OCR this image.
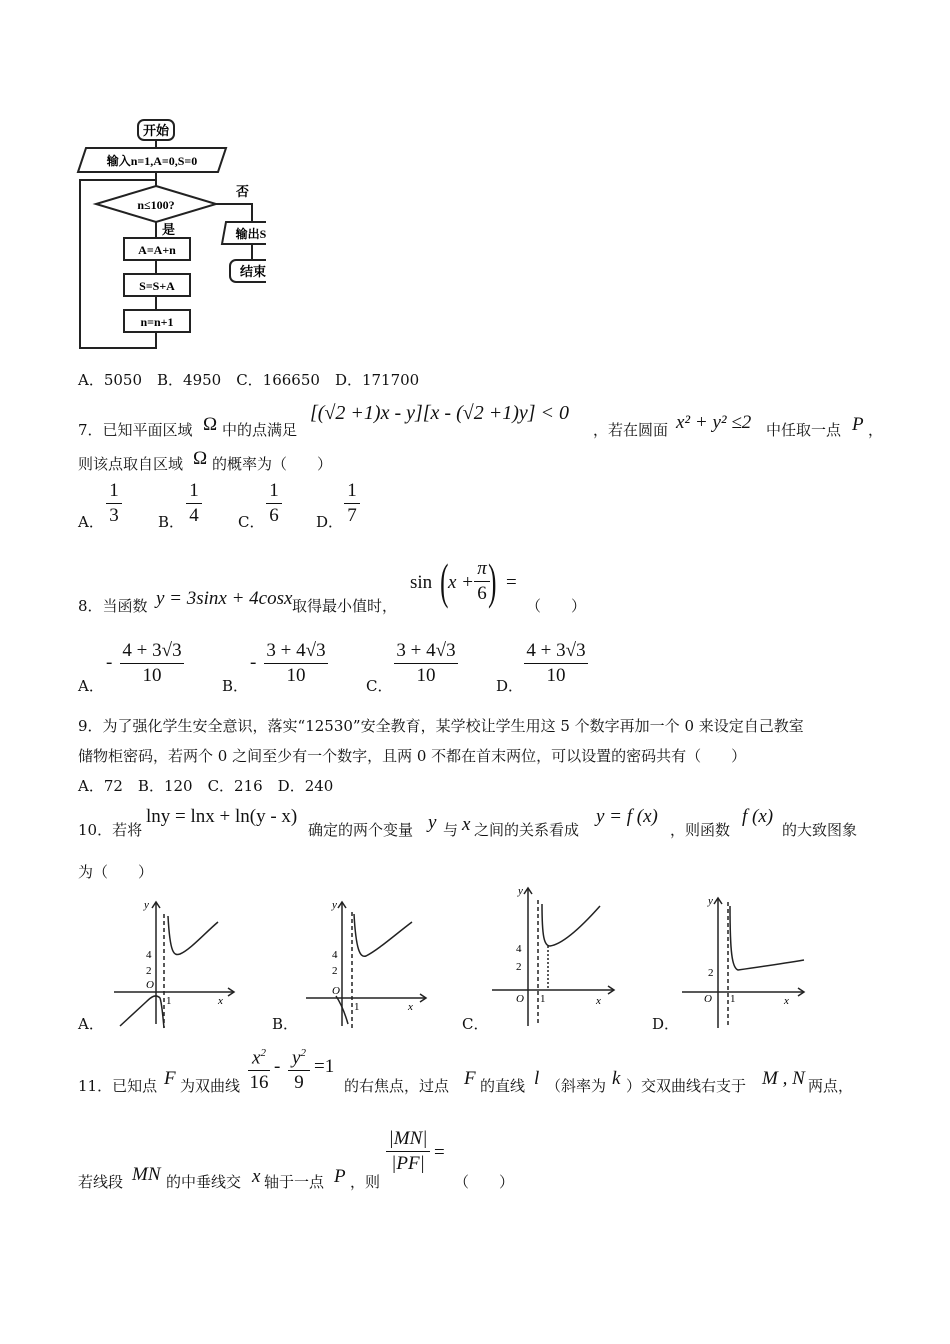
开始
输入n=1,A=0,S=0
n≤100?
否
是
A=A+n
S=S+A
n=n+1
输出S
结束
A．5050　B．4950　C．166650　D．171700
7．已知平面区域 Ω 中的点满足
[(√2 +1)x - y][x - (√2 +1)y] < 0
，若在圆面 x² + y² ≤2 中任取一点 P ，
则该点取自区域 Ω 的概率为（　　）
A．
1
3	B．
1
4	C．
1
6 D．
1
7
8．当函数 y = 3sinx + 4cosx 取得最小值时，
sin ( x +
π
6 ) =
（　　）
A．
-
4 + 3√3
10	B．
-
3 + 4√3
10	C．
3 + 4√3
10	D．
4 + 3√3
10
9．为了强化学生安全意识，落实“12530”安全教育，某学校让学生用这 5 个数字再加一个 0 来设定自己教室
储物柜密码，若两个 0 之间至少有一个数字，且两 0 不都在首末两位，可以设置的密码共有（　　）
A．72　B．120　C．216　D．240
10．若将
lny = lnx + ln(y - x)
确定的两个变量 y 与 x 之间的关系看成
y = f (x)
，则函数
f (x)
的大致图象
为（　　）
y
4
2
O
1	x
A．
y
4
2
O
1	x
B．
y
4
2
O 1	x
C．
y
2
O 1	x
D．
11．已知点 F 为双曲线
$x^2$
16
- $y^2$
9
=1
的右焦点，过点 F 的直线 l （斜率为 k ）交双曲线右支于 M , N 两点，
若线段 MN 的中垂线交 x 轴于一点 P ，则
|MN|
|PF|
=
（　　）
